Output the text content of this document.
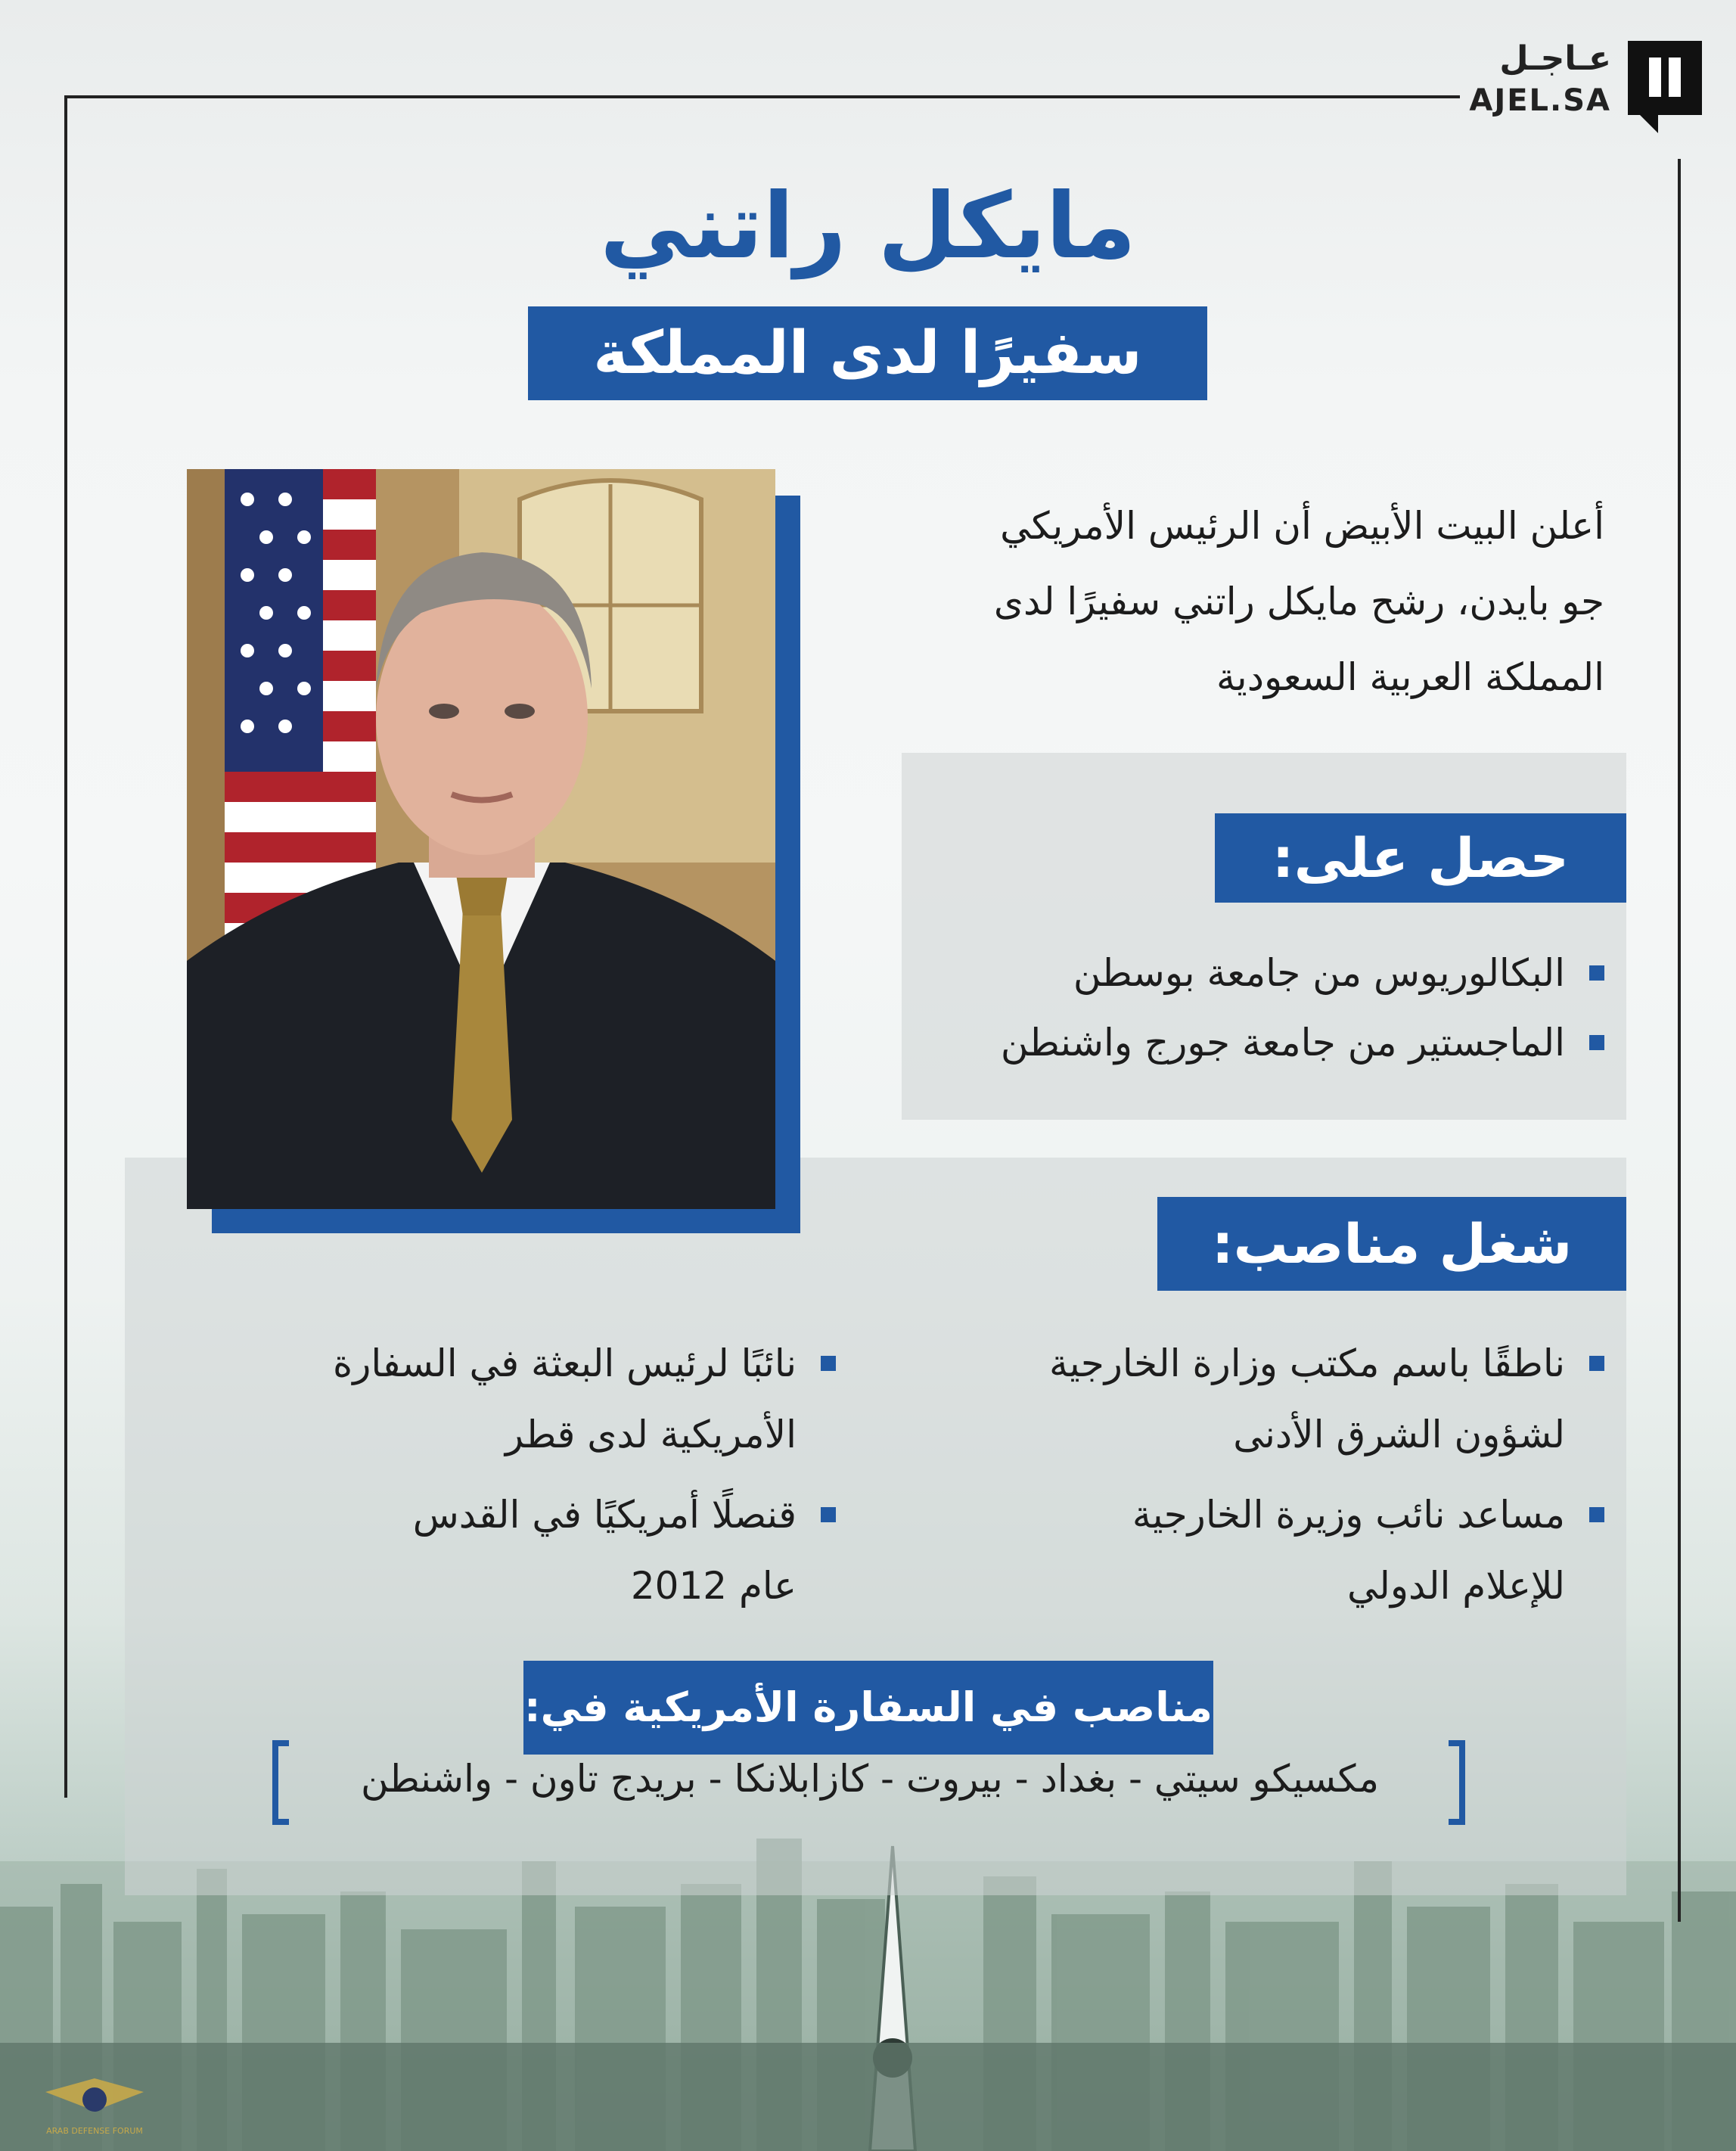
عـاجـل
AJEL.SA
مايكل راتني
سفيرًا لدى المملكة
أعلن البيت الأبيض أن الرئيس الأمريكي
جو بايدن، رشح مايكل راتني سفيرًا لدى
المملكة العربية السعودية
حصل على:
البكالوريوس من جامعة بوسطن
الماجستير من جامعة جورج واشنطن
شغل مناصب:
ناطقًا باسم مكتب وزارة الخارجية
لشؤون الشرق الأدنى
نائبًا لرئيس البعثة في السفارة
الأمريكية لدى قطر
مساعد نائب وزيرة الخارجية
للإعلام الدولي
قنصلًا أمريكيًا في القدس
عام 2012
مناصب في السفارة الأمريكية في:
مكسيكو سيتي - بغداد - بيروت - كازابلانكا - بريدج تاون - واشنطن
ARAB DEFENSE FORUM
